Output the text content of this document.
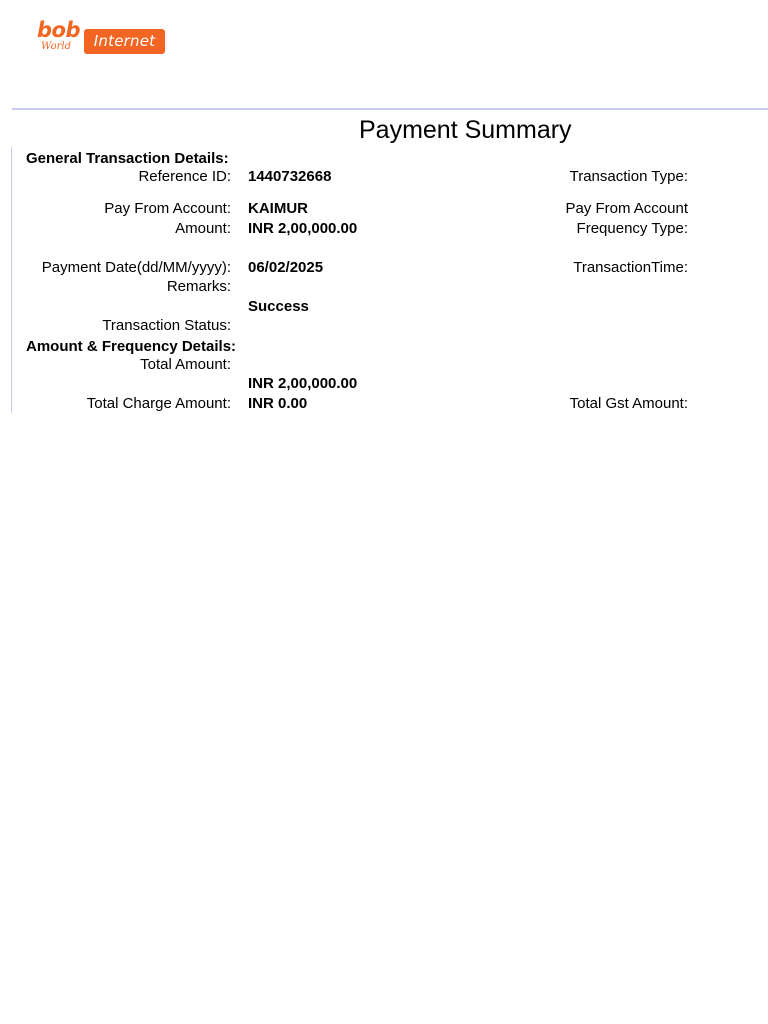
bob
World	Internet
Payment Summary
General Transaction Details:
Reference ID: 1440732668	Transaction Type:
Pay From Account: KAIMUR	Pay From Account
Amount: INR 2,00,000.00	Frequency Type:
Payment Date(dd/MM/yyyy): 06/02/2025	TransactionTime:
Remarks:
Success
Transaction Status:
Amount & Frequency Details:
Total Amount:
INR 2,00,000.00
Total Charge Amount: INR 0.00	Total Gst Amount:
